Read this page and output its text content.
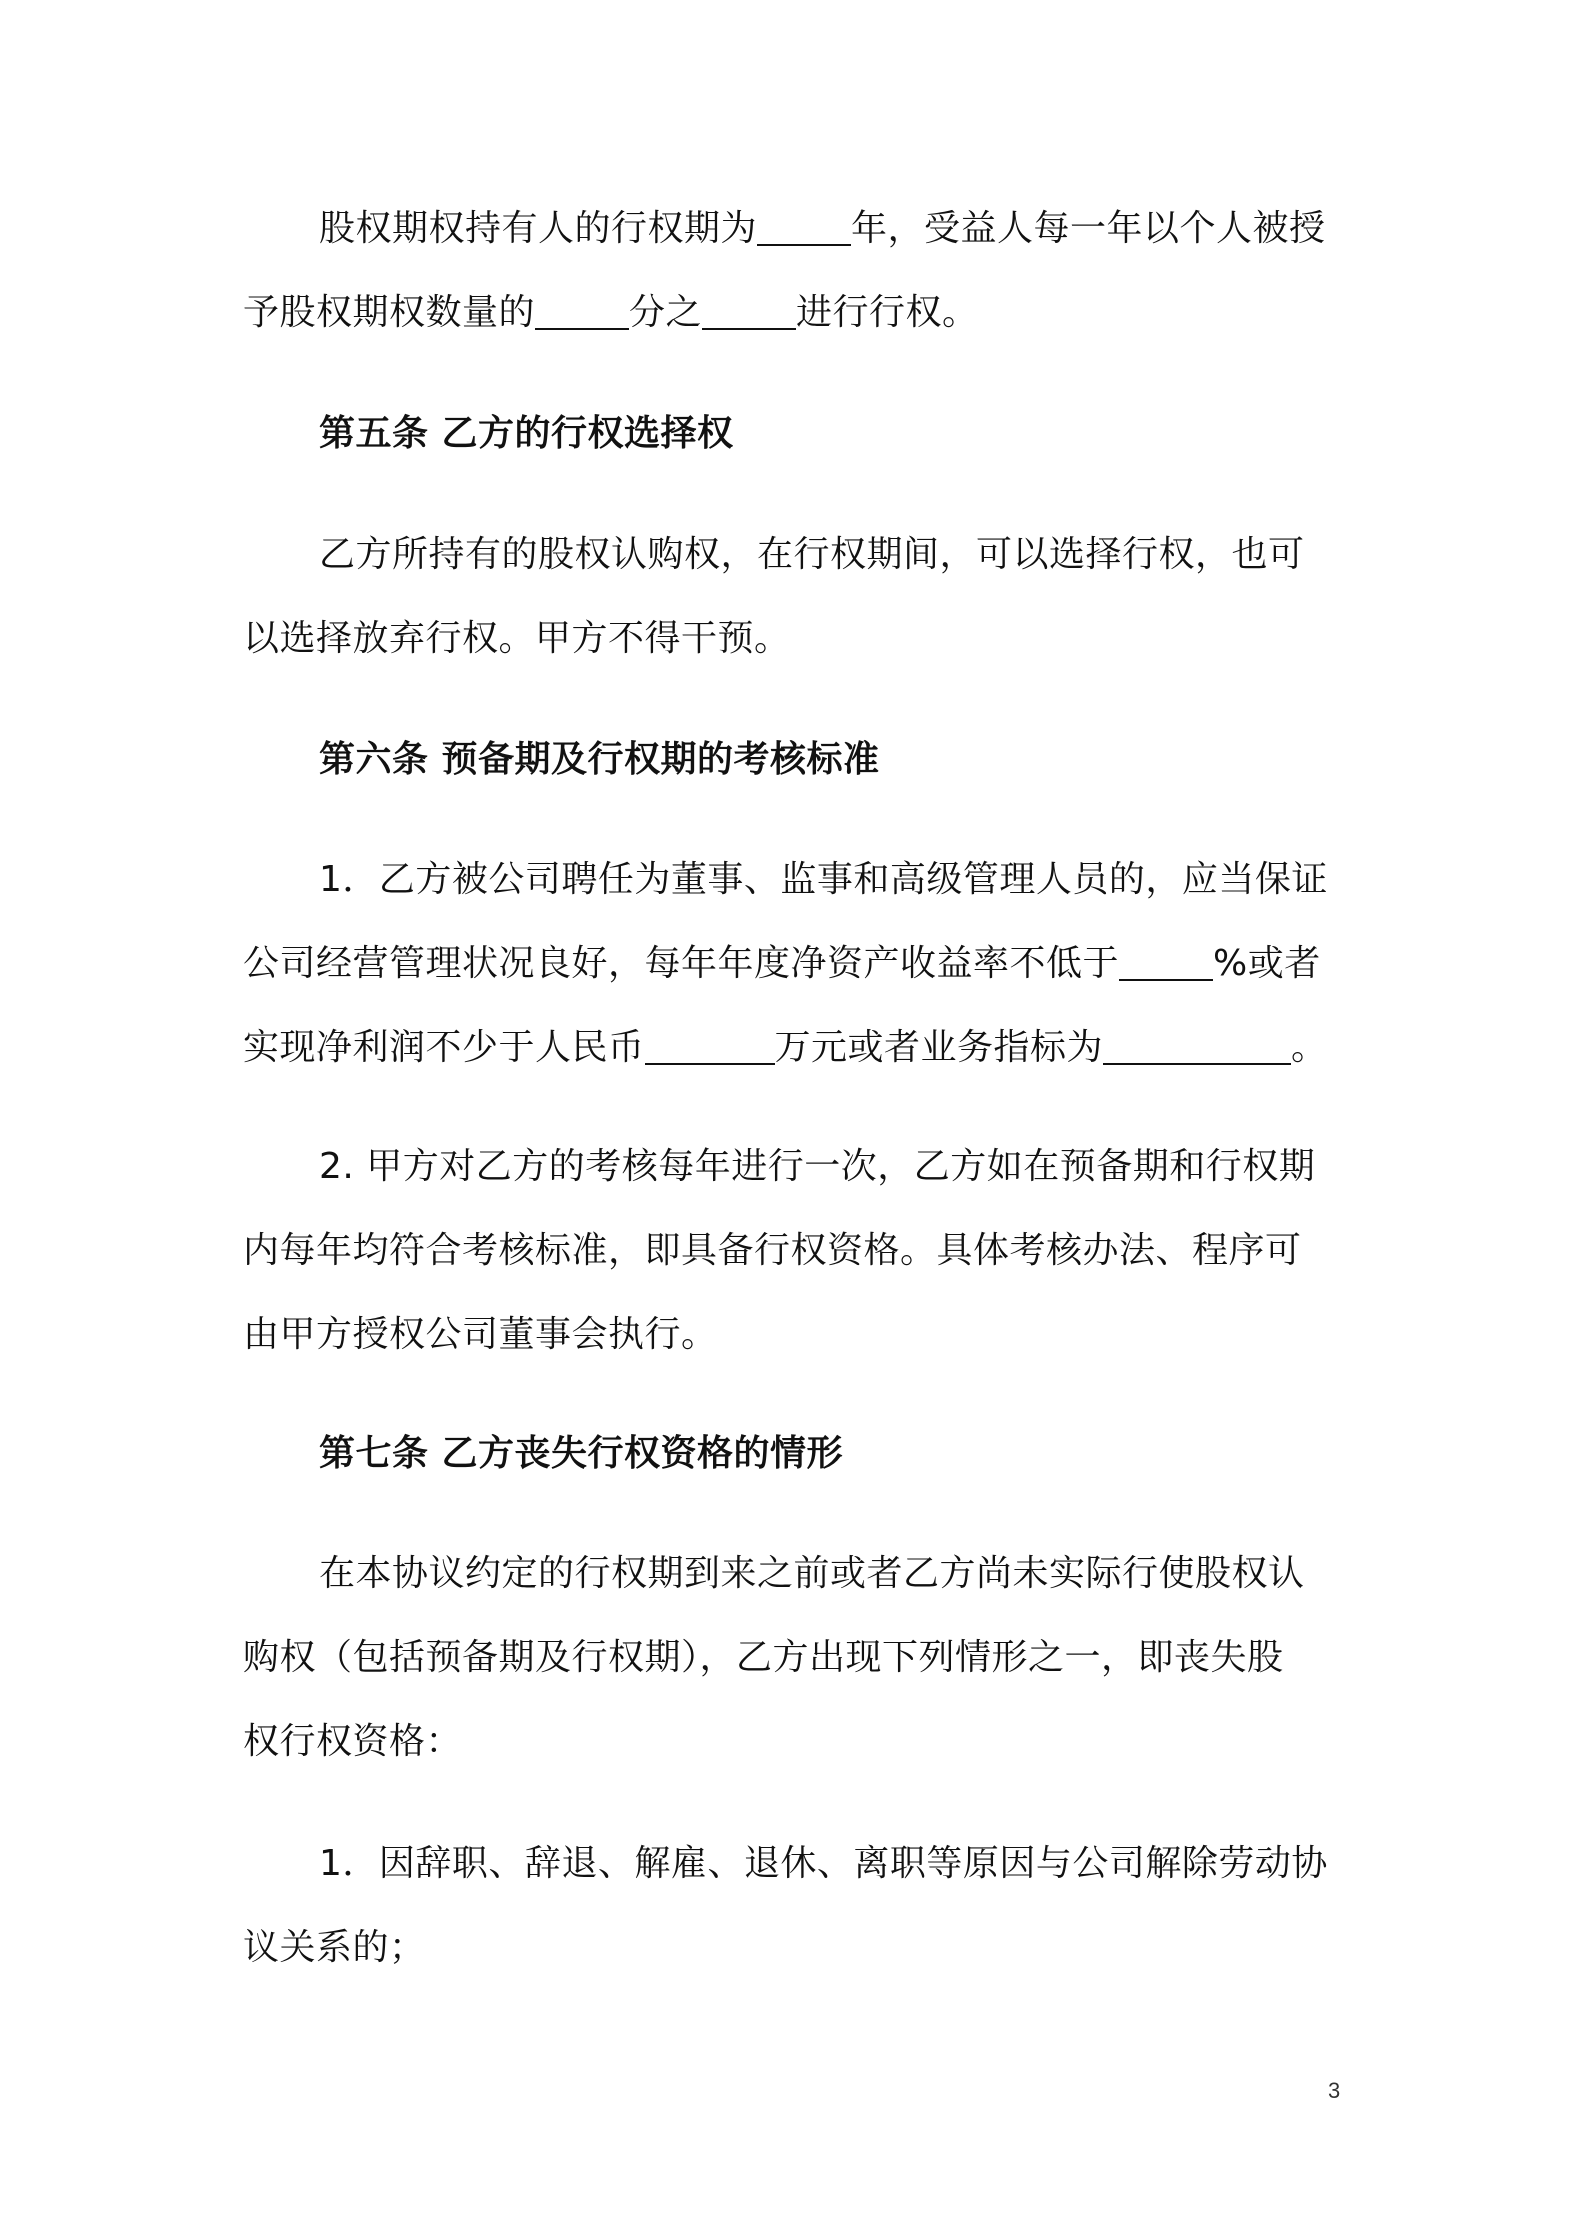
股权期权持有人的行权期为	年，受益人每一年以个人被授
予股权期权数量的	分之	进行行权。
第五条 乙方的行权选择权
乙方所持有的股权认购权，在行权期间，可以选择行权，也可
以选择放弃行权。甲方不得干预。
第六条 预备期及行权期的考核标准
1．乙方被公司聘任为董事、监事和高级管理人员的，应当保证
公司经营管理状况良好，每年年度净资产收益率不低于	%或者
实现净利润不少于人民币	万元或者业务指标为	。
2. 甲方对乙方的考核每年进行一次，乙方如在预备期和行权期
内每年均符合考核标准，即具备行权资格。具体考核办法、程序可
由甲方授权公司董事会执行。
第七条 乙方丧失行权资格的情形
在本协议约定的行权期到来之前或者乙方尚未实际行使股权认
购权（包括预备期及行权期），乙方出现下列情形之一，即丧失股
权行权资格：
1．因辞职、辞退、解雇、退休、离职等原因与公司解除劳动协
议关系的；
3
